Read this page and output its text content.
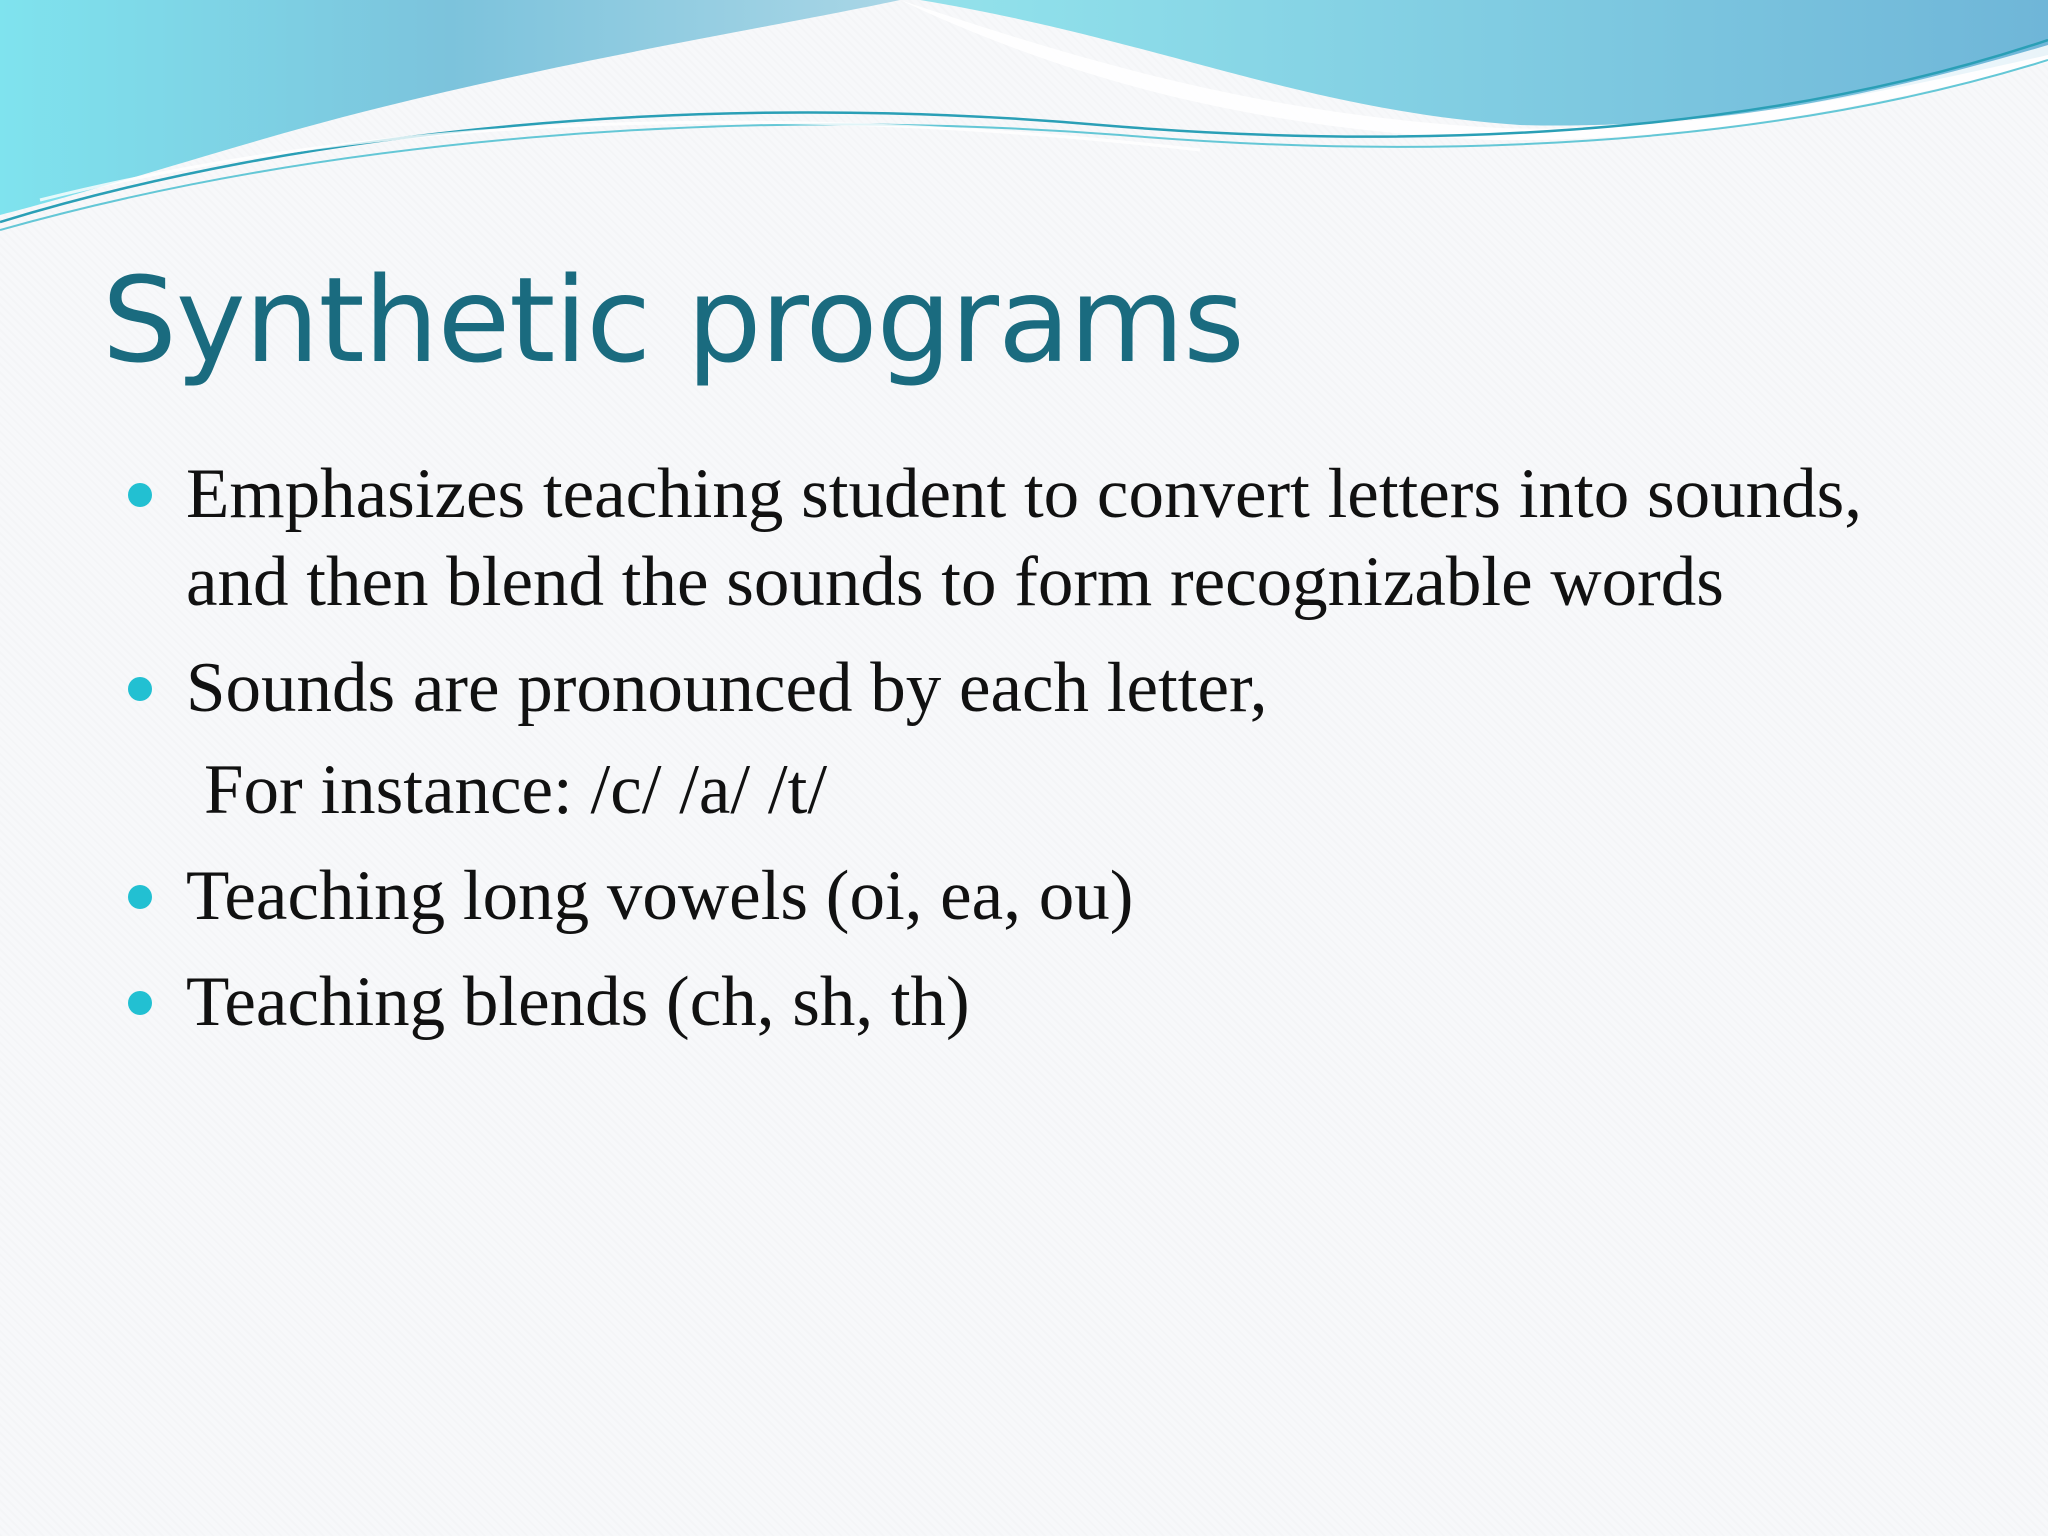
Synthetic programs
Emphasizes teaching student to convert letters into sounds, and then blend the sounds to form recognizable words
Sounds are pronounced by each letter,
For instance: /c/ /a/ /t/
Teaching long vowels (oi, ea, ou)
Teaching blends (ch, sh, th)
